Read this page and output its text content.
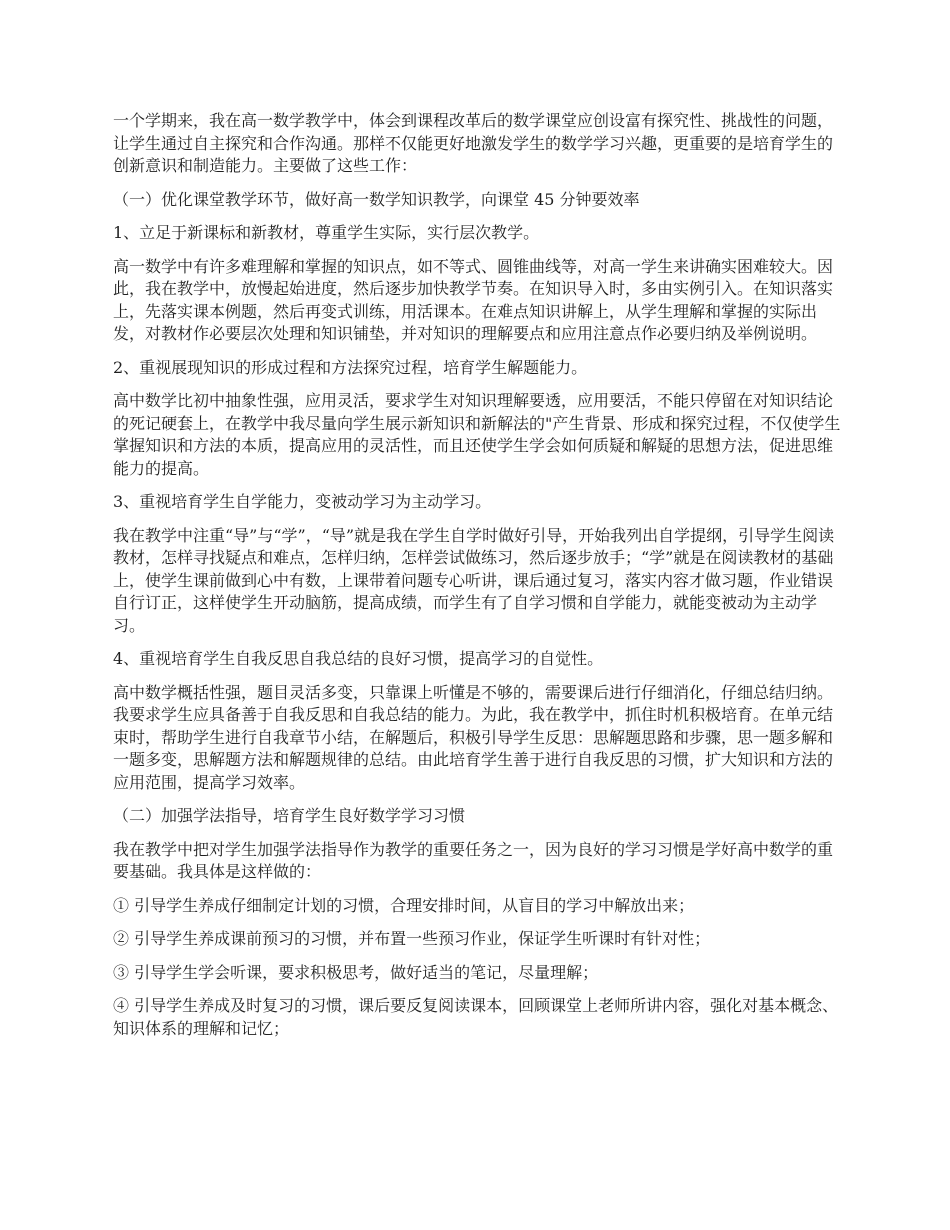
一个学期来，我在高一数学教学中，体会到课程改革后的数学课堂应创设富有探究性、挑战性的问题，让学生通过自主探究和合作沟通。那样不仅能更好地激发学生的数学学习兴趣，更重要的是培育学生的创新意识和制造能力。主要做了这些工作：

（一）优化课堂教学环节，做好高一数学知识教学，向课堂 45 分钟要效率

1、立足于新课标和新教材，尊重学生实际，实行层次教学。

高一数学中有许多难理解和掌握的知识点，如不等式、圆锥曲线等，对高一学生来讲确实困难较大。因此，我在教学中，放慢起始进度，然后逐步加快教学节奏。在知识导入时，多由实例引入。在知识落实上，先落实课本例题，然后再变式训练，用活课本。在难点知识讲解上，从学生理解和掌握的实际出发，对教材作必要层次处理和知识铺垫，并对知识的理解要点和应用注意点作必要归纳及举例说明。

2、重视展现知识的形成过程和方法探究过程，培育学生解题能力。

高中数学比初中抽象性强，应用灵活，要求学生对知识理解要透，应用要活，不能只停留在对知识结论的死记硬套上，在教学中我尽量向学生展示新知识和新解法的"产生背景、形成和探究过程，不仅使学生掌握知识和方法的本质，提高应用的灵活性，而且还使学生学会如何质疑和解疑的思想方法，促进思维能力的提高。

3、重视培育学生自学能力，变被动学习为主动学习。

我在教学中注重“导”与“学”，“导”就是我在学生自学时做好引导，开始我列出自学提纲，引导学生阅读教材，怎样寻找疑点和难点，怎样归纳，怎样尝试做练习，然后逐步放手；“学”就是在阅读教材的基础上，使学生课前做到心中有数，上课带着问题专心听讲，课后通过复习，落实内容才做习题，作业错误自行订正，这样使学生开动脑筋，提高成绩，而学生有了自学习惯和自学能力，就能变被动为主动学习。

4、重视培育学生自我反思自我总结的良好习惯，提高学习的自觉性。

高中数学概括性强，题目灵活多变，只靠课上听懂是不够的，需要课后进行仔细消化，仔细总结归纳。我要求学生应具备善于自我反思和自我总结的能力。为此，我在教学中，抓住时机积极培育。在单元结束时，帮助学生进行自我章节小结，在解题后，积极引导学生反思：思解题思路和步骤，思一题多解和一题多变，思解题方法和解题规律的总结。由此培育学生善于进行自我反思的习惯，扩大知识和方法的应用范围，提高学习效率。

（二）加强学法指导，培育学生良好数学学习习惯

我在教学中把对学生加强学法指导作为教学的重要任务之一，因为良好的学习习惯是学好高中数学的重要基础。我具体是这样做的：

① 引导学生养成仔细制定计划的习惯，合理安排时间，从盲目的学习中解放出来；

② 引导学生养成课前预习的习惯，并布置一些预习作业，保证学生听课时有针对性；

③ 引导学生学会听课，要求积极思考，做好适当的笔记，尽量理解；

④ 引导学生养成及时复习的习惯，课后要反复阅读课本，回顾课堂上老师所讲内容，强化对基本概念、知识体系的理解和记忆；
